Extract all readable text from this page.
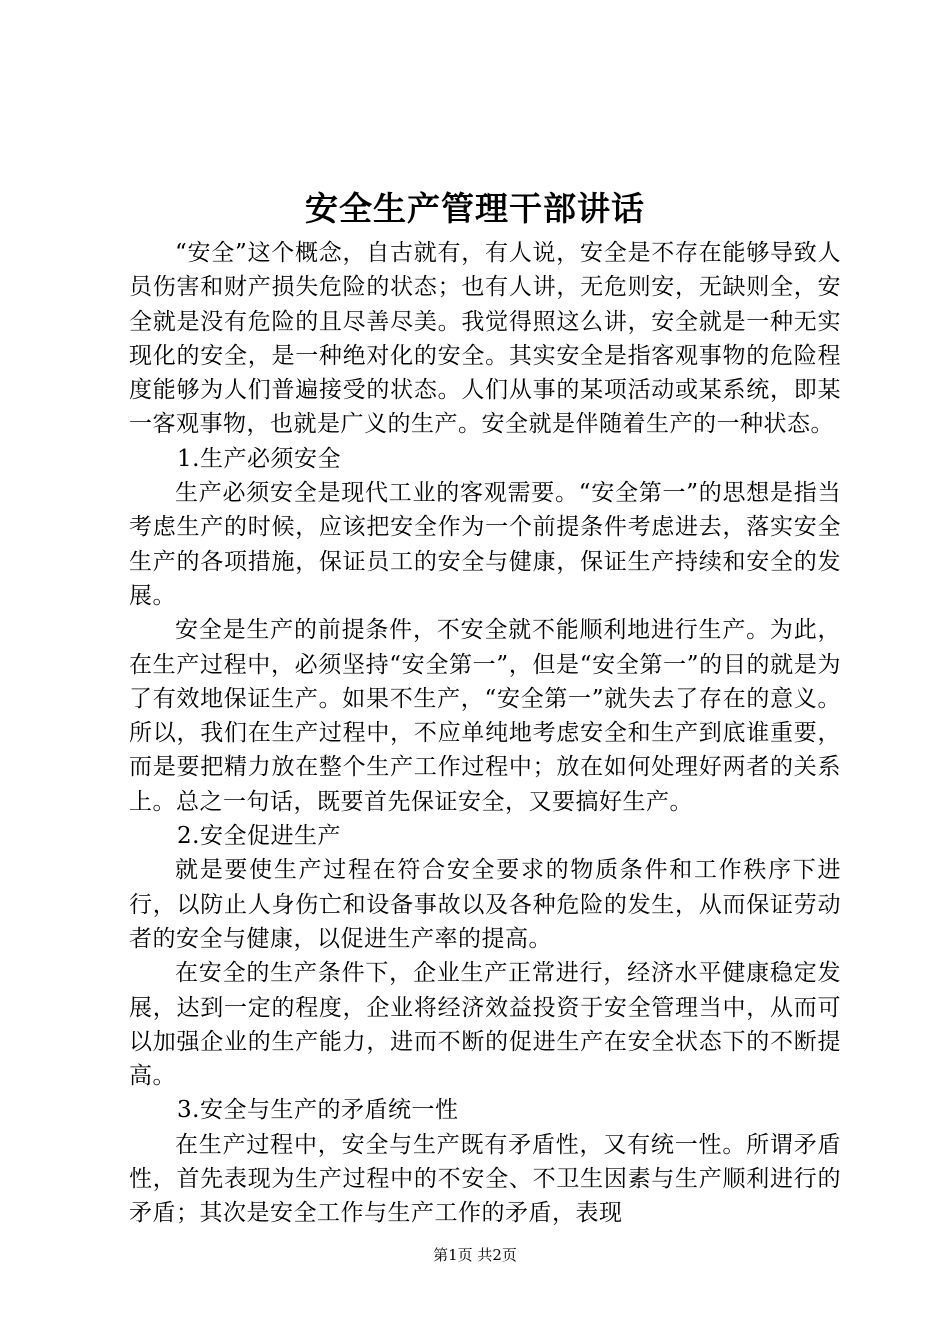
安全生产管理干部讲话

“安全”这个概念，自古就有，有人说，安全是不存在能够导致人员伤害和财产损失危险的状态；也有人讲，无危则安，无缺则全，安全就是没有危险的且尽善尽美。我觉得照这么讲，安全就是一种无实现化的安全，是一种绝对化的安全。其实安全是指客观事物的危险程度能够为人们普遍接受的状态。人们从事的某项活动或某系统，即某一客观事物，也就是广义的生产。安全就是伴随着生产的一种状态。

1.生产必须安全

生产必须安全是现代工业的客观需要。“安全第一”的思想是指当考虑生产的时候，应该把安全作为一个前提条件考虑进去，落实安全生产的各项措施，保证员工的安全与健康，保证生产持续和安全的发展。

安全是生产的前提条件，不安全就不能顺利地进行生产。为此，在生产过程中，必须坚持“安全第一”，但是“安全第一”的目的就是为了有效地保证生产。如果不生产，“安全第一”就失去了存在的意义。所以，我们在生产过程中，不应单纯地考虑安全和生产到底谁重要，而是要把精力放在整个生产工作过程中；放在如何处理好两者的关系上。总之一句话，既要首先保证安全，又要搞好生产。

2.安全促进生产

就是要使生产过程在符合安全要求的物质条件和工作秩序下进行，以防止人身伤亡和设备事故以及各种危险的发生，从而保证劳动者的安全与健康，以促进生产率的提高。

在安全的生产条件下，企业生产正常进行，经济水平健康稳定发展，达到一定的程度，企业将经济效益投资于安全管理当中，从而可以加强企业的生产能力，进而不断的促进生产在安全状态下的不断提高。

3.安全与生产的矛盾统一性

在生产过程中，安全与生产既有矛盾性，又有统一性。所谓矛盾性，首先表现为生产过程中的不安全、不卫生因素与生产顺利进行的矛盾；其次是安全工作与生产工作的矛盾，表现

第1页 共2页
